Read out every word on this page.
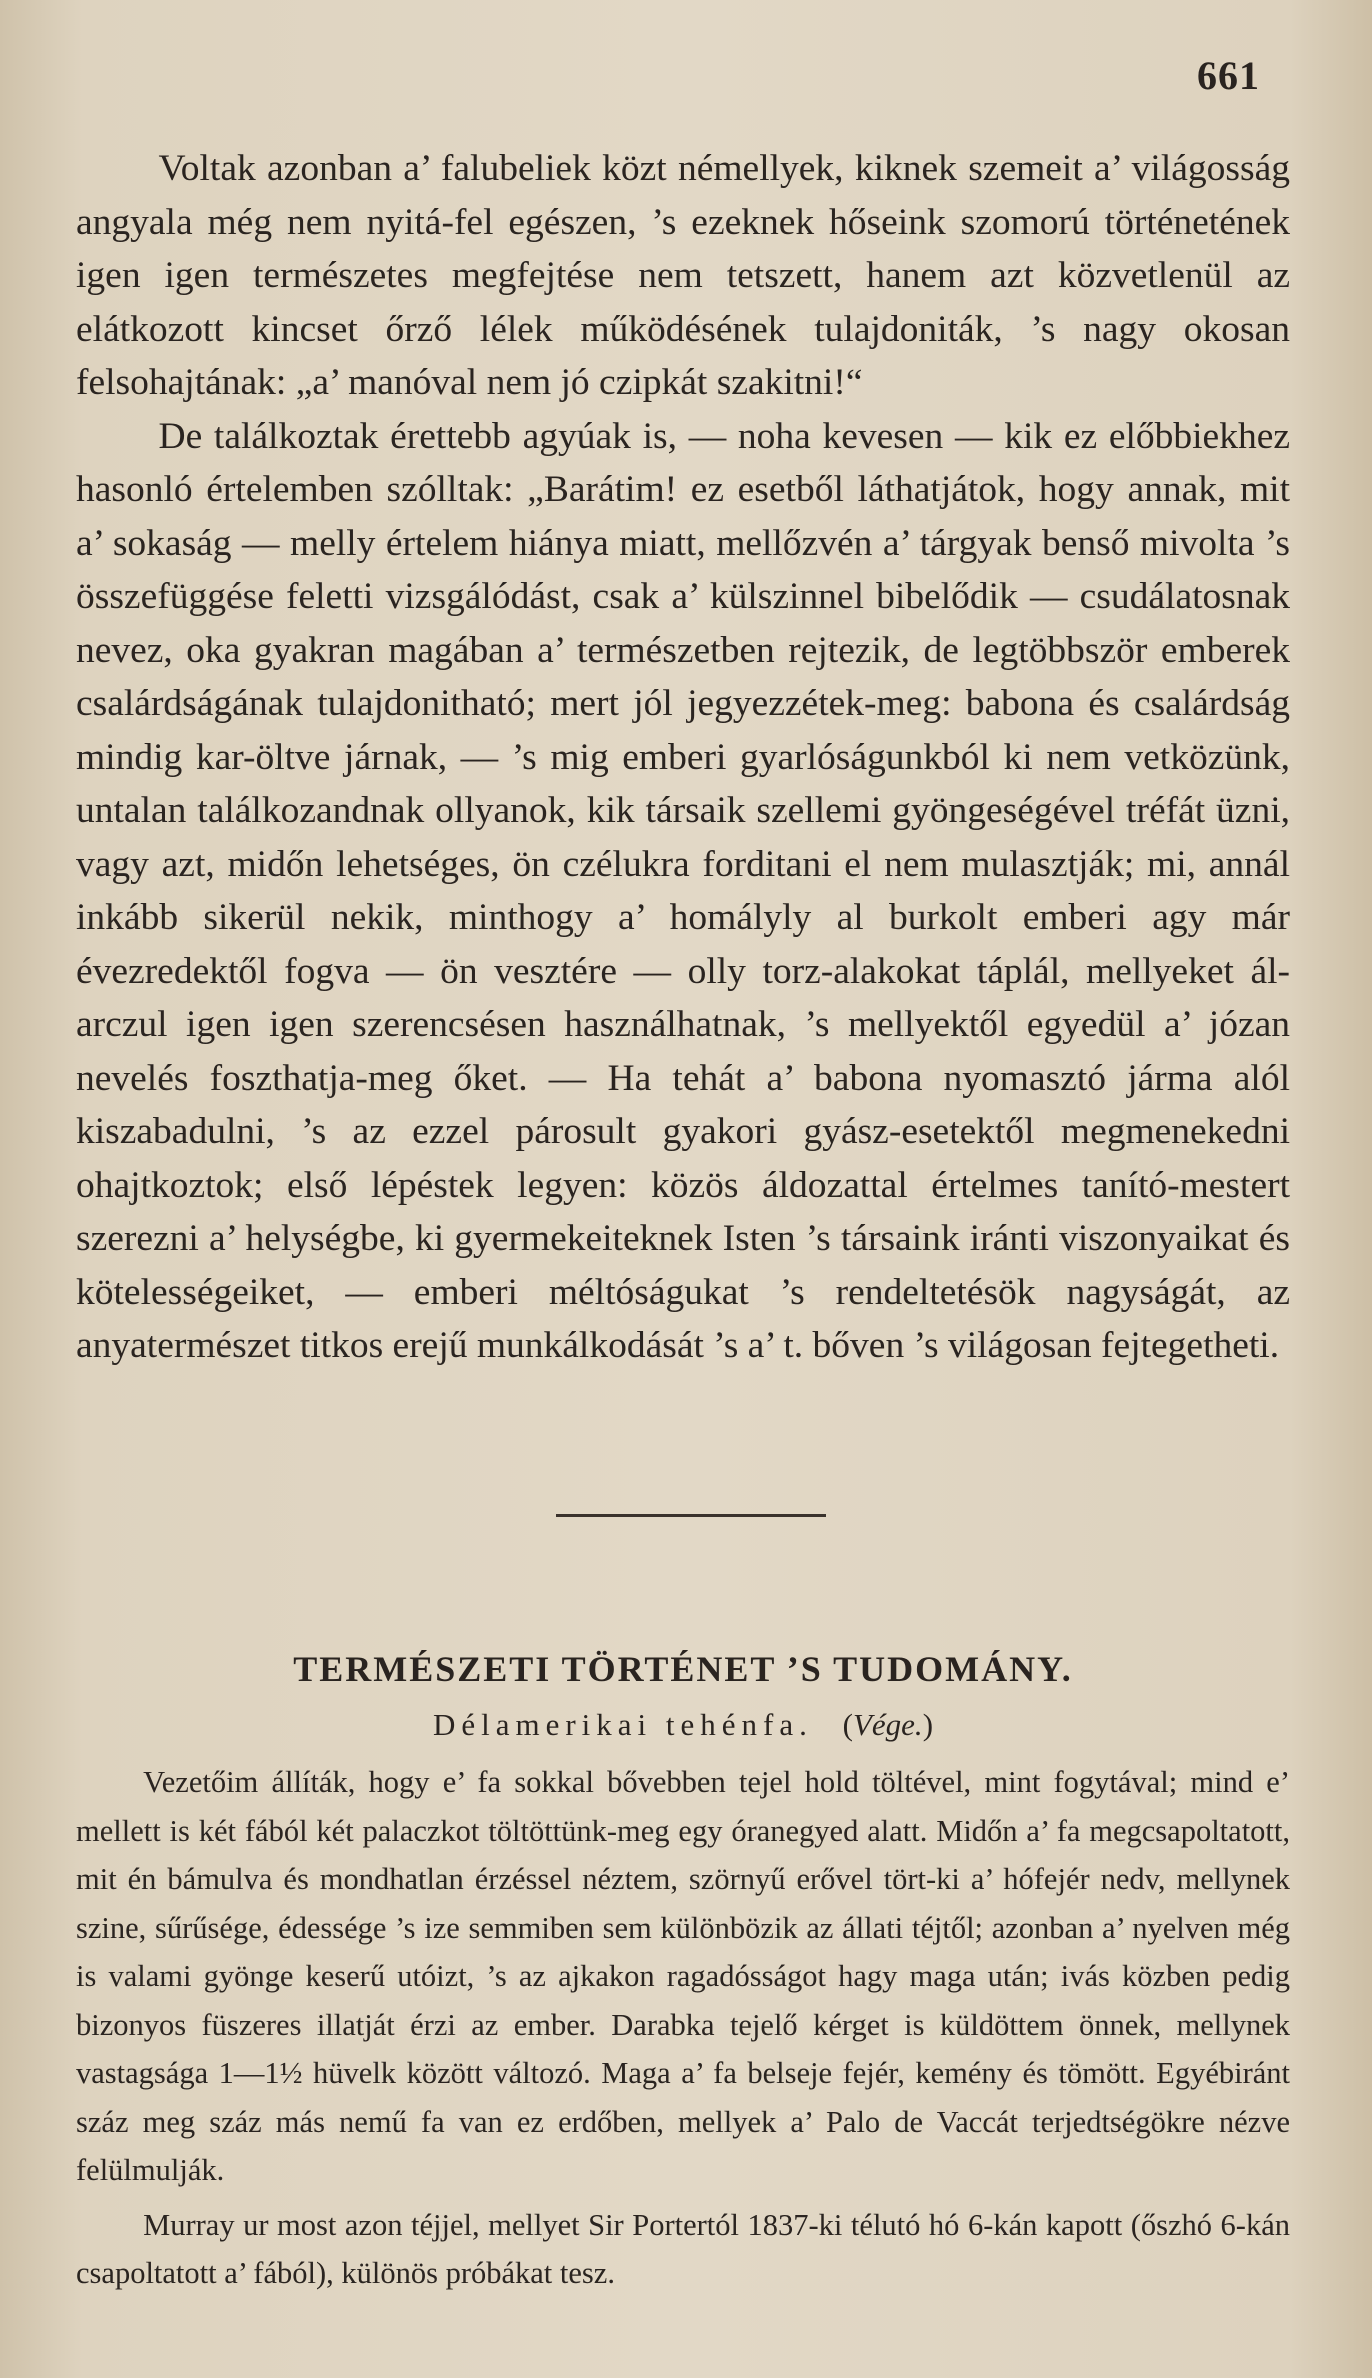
661

Voltak azonban a’ falubeliek közt némellyek, kiknek szemeit a’ világosság angyala még nem nyitá-fel egészen, ’s ezeknek hőseink szomorú történetének igen igen természetes megfejtése nem tetszett, hanem azt közvetlenül az elátkozott kincset őrző lélek működésének tulajdoniták, ’s nagy okosan felsohajtának: „a’ manóval nem jó czipkát szakitni!“

De találkoztak érettebb agyúak is, — noha kevesen — kik ez előbbiekhez hasonló értelemben szólltak: „Barátim! ez esetből láthatjátok, hogy annak, mit a’ sokaság — melly értelem hiánya miatt, mellőzvén a’ tárgyak benső mivolta ’s összefüggése feletti vizsgálódást, csak a’ külszinnel bibelődik — csudálatosnak nevez, oka gyakran magában a’ természetben rejtezik, de legtöbbször emberek csalárdságának tulajdonitható; mert jól jegyezzétek-meg: babona és csalárdság mindig kar-öltve járnak, — ’s mig emberi gyarlóságunkból ki nem vetközünk, untalan találkozandnak ollyanok, kik társaik szellemi gyöngeségével tréfát üzni, vagy azt, midőn lehetséges, ön czélukra forditani el nem mulasztják; mi, annál inkább sikerül nekik, minthogy a’ homályly al burkolt emberi agy már évezredektől fogva — ön vesztére — olly torz-alakokat táplál, mellyeket ál-arczul igen igen szerencsésen használhatnak, ’s mellyektől egyedül a’ józan nevelés foszthatja-meg őket. — Ha tehát a’ babona nyomasztó járma alól kiszabadulni, ’s az ezzel párosult gyakori gyász-esetektől megmenekedni ohajtkoztok; első lépéstek legyen: közös áldozattal értelmes tanító-mestert szerezni a’ helységbe, ki gyermekeiteknek Isten ’s társaink iránti viszonyaikat és kötelességeiket, — emberi méltóságukat ’s rendeltetésök nagyságát, az anyatermészet titkos erejű munkálkodását ’s a’ t. bőven ’s világosan fejtegetheti.

TERMÉSZETI TÖRTÉNET ’S TUDOMÁNY.
Délamerikai tehénfa. (Vége.)

Vezetőim állíták, hogy e’ fa sokkal bővebben tejel hold töltével, mint fogytával; mind e’ mellett is két fából két palaczkot töltöttünk-meg egy óranegyed alatt. Midőn a’ fa megcsapoltatott, mit én bámulva és mondhatlan érzéssel néztem, szörnyű erővel tört-ki a’ hófejér nedv, mellynek szine, sűrűsége, édessége ’s ize semmiben sem különbözik az állati téjtől; azonban a’ nyelven még is valami gyönge keserű utóizt, ’s az ajkakon ragadósságot hagy maga után; ivás közben pedig bizonyos füszeres illatját érzi az ember. Darabka tejelő kérget is küldöttem önnek, mellynek vastagsága 1—1½ hüvelk között változó. Maga a’ fa belseje fejér, kemény és tömött. Egyébiránt száz meg száz más nemű fa van ez erdőben, mellyek a’ Palo de Vaccát terjedtségökre nézve felülmulják.

Murray ur most azon téjjel, mellyet Sir Portertól 1837-ki télutó hó 6-kán kapott (őszhó 6-kán csapoltatott a’ fából), különös próbákat tesz.
